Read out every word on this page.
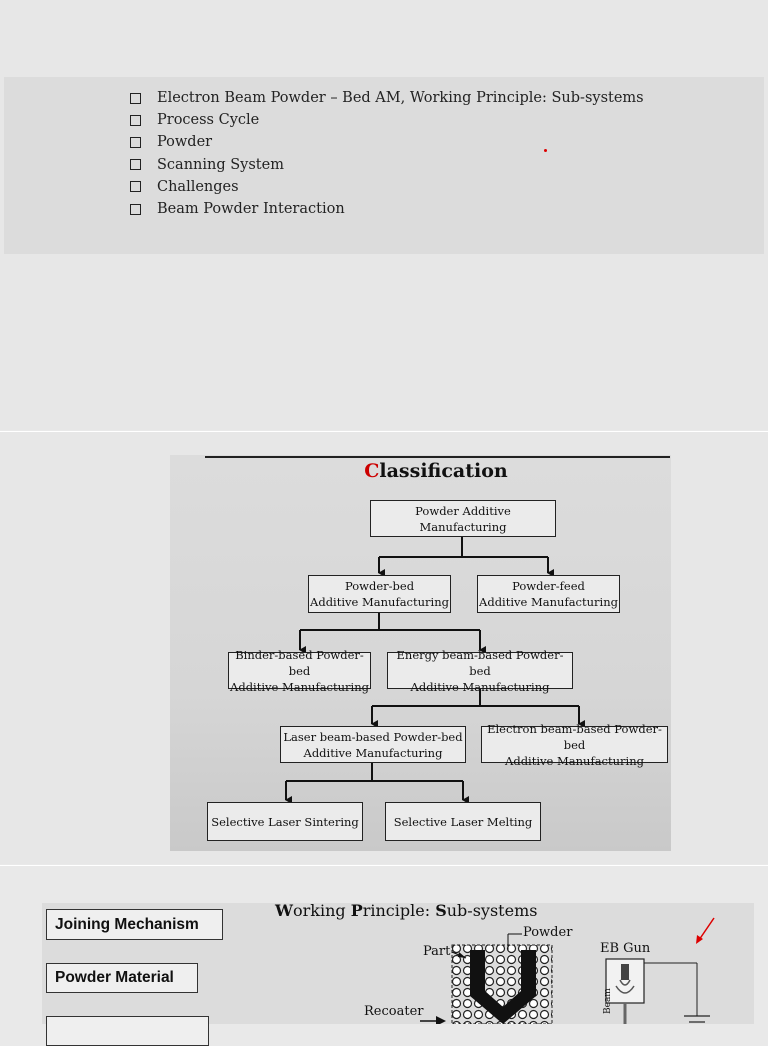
Electron Beam Powder – Bed AM, Working Principle: Sub-systems
Process Cycle
Powder
Scanning System
Challenges
Beam Powder Interaction
Classification
Powder Additive Manufacturing
Powder-bed
Additive Manufacturing
Powder-feed
Additive Manufacturing
Binder-based Powder-bed
Additive Manufacturing
Energy beam-based Powder-bed
Additive Manufacturing
Laser beam-based Powder-bed
Additive Manufacturing
Electron beam-based Powder-bed
Additive Manufacturing
Selective Laser Sintering	Selective Laser Melting
Working Principle: Sub-systems
Joining Mechanism
Powder Material
Powder
Part
Recoater
EB Gun
Beam
